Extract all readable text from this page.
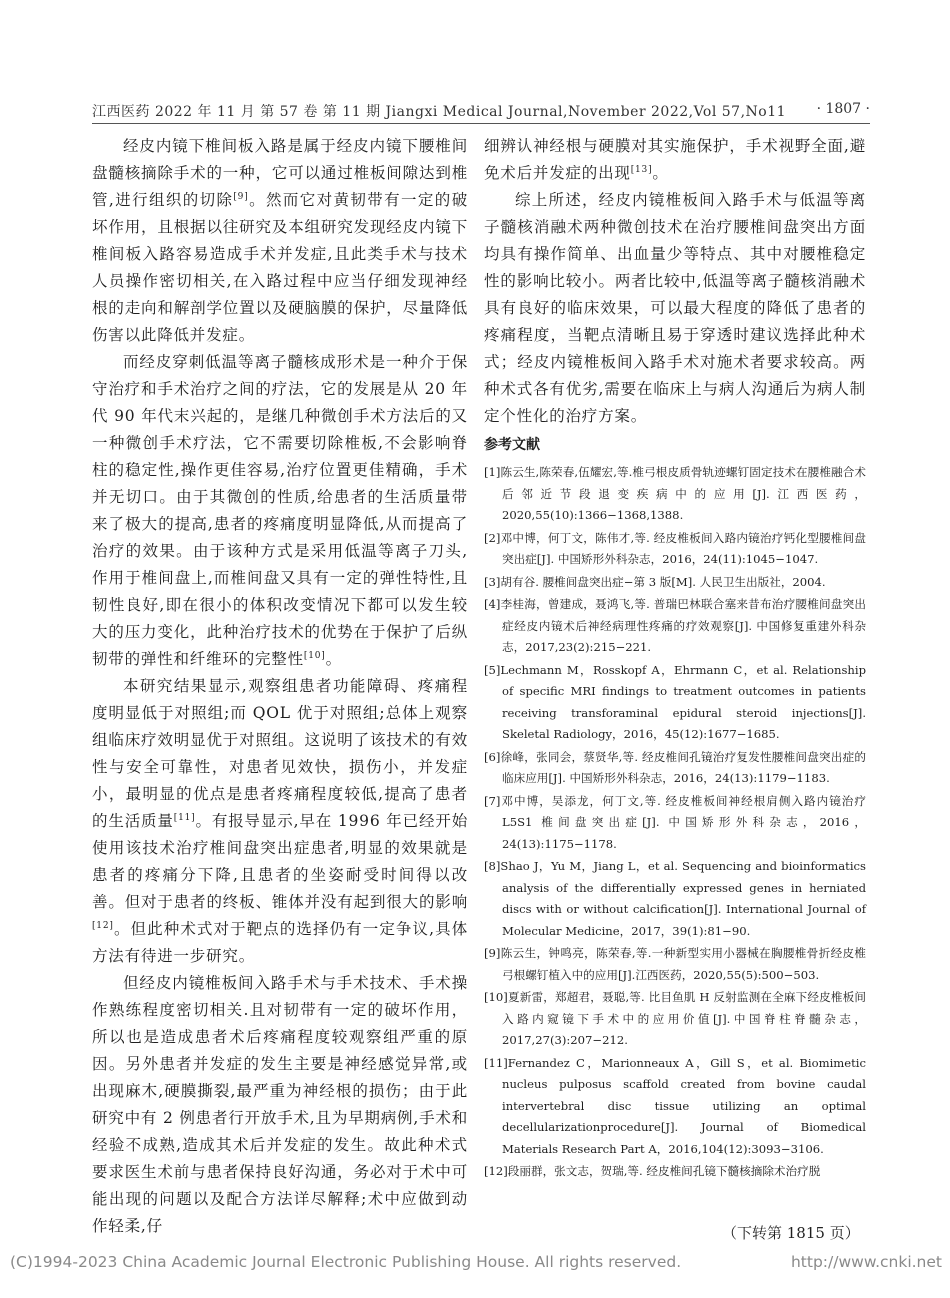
江西医药 2022 年 11 月 第 57 卷 第 11 期 Jiangxi Medical Journal,November 2022,Vol 57,No11 · 1807 ·

经皮内镜下椎间板入路是属于经皮内镜下腰椎间盘髓核摘除手术的一种，它可以通过椎板间隙达到椎管,进行组织的切除[9]。然而它对黄韧带有一定的破坏作用，且根据以往研究及本组研究发现经皮内镜下椎间板入路容易造成手术并发症,且此类手术与技术人员操作密切相关,在入路过程中应当仔细发现神经根的走向和解剖学位置以及硬脑膜的保护，尽量降低伤害以此降低并发症。

而经皮穿刺低温等离子髓核成形术是一种介于保守治疗和手术治疗之间的疗法，它的发展是从 20 年代 90 年代末兴起的，是继几种微创手术方法后的又一种微创手术疗法，它不需要切除椎板,不会影响脊柱的稳定性,操作更佳容易,治疗位置更佳精确，手术并无切口。由于其微创的性质,给患者的生活质量带来了极大的提高,患者的疼痛度明显降低,从而提高了治疗的效果。由于该种方式是采用低温等离子刀头,作用于椎间盘上,而椎间盘又具有一定的弹性特性,且韧性良好,即在很小的体积改变情况下都可以发生较大的压力变化，此种治疗技术的优势在于保护了后纵韧带的弹性和纤维环的完整性[10]。

本研究结果显示,观察组患者功能障碍、疼痛程度明显低于对照组;而 QOL 优于对照组;总体上观察组临床疗效明显优于对照组。这说明了该技术的有效性与安全可靠性，对患者见效快，损伤小，并发症小，最明显的优点是患者疼痛程度较低,提高了患者的生活质量[11]。有报导显示,早在 1996 年已经开始使用该技术治疗椎间盘突出症患者,明显的效果就是患者的疼痛分下降,且患者的坐姿耐受时间得以改善。但对于患者的终板、锥体并没有起到很大的影响[12]。但此种术式对于靶点的选择仍有一定争议,具体方法有待进一步研究。

但经皮内镜椎板间入路手术与手术技术、手术操作熟练程度密切相关.且对韧带有一定的破坏作用，所以也是造成患者术后疼痛程度较观察组严重的原因。另外患者并发症的发生主要是神经感觉异常,或出现麻木,硬膜撕裂,最严重为神经根的损伤；由于此研究中有 2 例患者行开放手术,且为早期病例,手术和经验不成熟,造成其术后并发症的发生。故此种术式要求医生术前与患者保持良好沟通，务必对于术中可能出现的问题以及配合方法详尽解释;术中应做到动作轻柔,仔

细辨认神经根与硬膜对其实施保护，手术视野全面,避免术后并发症的出现[13]。

综上所述，经皮内镜椎板间入路手术与低温等离子髓核消融术两种微创技术在治疗腰椎间盘突出方面均具有操作简单、出血量少等特点、其中对腰椎稳定性的影响比较小。两者比较中,低温等离子髓核消融术具有良好的临床效果，可以最大程度的降低了患者的疼痛程度，当靶点清晰且易于穿透时建议选择此种术式；经皮内镜椎板间入路手术对施术者要求较高。两种术式各有优劣,需要在临床上与病人沟通后为病人制定个性化的治疗方案。

参考文献

[1]陈云生,陈荣春,伍耀宏,等.椎弓根皮质骨轨迹螺钉固定技术在腰椎融合术后邻近节段退变疾病中的应用[J].江西医药，2020,55(10):1366−1368,1388.

[2]邓中博，何丁文，陈伟才,等. 经皮椎板间入路内镜治疗钙化型腰椎间盘突出症[J]. 中国矫形外科杂志，2016，24(11):1045−1047.

[3]胡有谷. 腰椎间盘突出症−第 3 版[M]. 人民卫生出版社，2004.

[4]李桂海，曾建成，聂鸿飞,等. 普瑞巴林联合塞来昔布治疗腰椎间盘突出症经皮内镜术后神经病理性疼痛的疗效观察[J]. 中国修复重建外科杂志，2017,23(2):215−221.

[5]Lechmann M，Rosskopf A，Ehrmann C，et al. Relationship of specific MRI findings to treatment outcomes in patients receiving transforaminal epidural steroid injections[J]. Skeletal Radiology，2016，45(12):1677−1685.

[6]徐峰，张同会，蔡贤华,等. 经皮椎间孔镜治疗复发性腰椎间盘突出症的临床应用[J]. 中国矫形外科杂志，2016，24(13):1179−1183.

[7]邓中博，吴添龙，何丁文,等. 经皮椎板间神经根肩侧入路内镜治疗 L5S1 椎间盘突出症[J]. 中国矫形外科杂志，2016，24(13):1175−1178.

[8]Shao J，Yu M，Jiang L，et al. Sequencing and bioinformatics analysis of the differentially expressed genes in herniated discs with or without calcification[J]. International Journal of Molecular Medicine，2017，39(1):81−90.

[9]陈云生，钟鸣亮，陈荣春,等.一种新型实用小器械在胸腰椎骨折经皮椎弓根螺钉植入中的应用[J].江西医药，2020,55(5):500−503.

[10]夏新雷，郑超君，聂聪,等. 比目鱼肌 H 反射监测在全麻下经皮椎板间入路内窥镜下手术中的应用价值[J].中国脊柱脊髓杂志，2017,27(3):207−212.

[11]Fernandez C，Marionneaux A，Gill S，et al. Biomimetic nucleus pulposus scaffold created from bovine caudal intervertebral disc tissue utilizing an optimal decellularizationprocedure[J]. Journal of Biomedical Materials Research Part A，2016,104(12):3093−3106.

[12]段丽群，张文志，贺瑞,等. 经皮椎间孔镜下髓核摘除术治疗脱

（下转第 1815 页）
(C)1994-2023 China Academic Journal Electronic Publishing House. All rights reserved.	http://www.cnki.net
